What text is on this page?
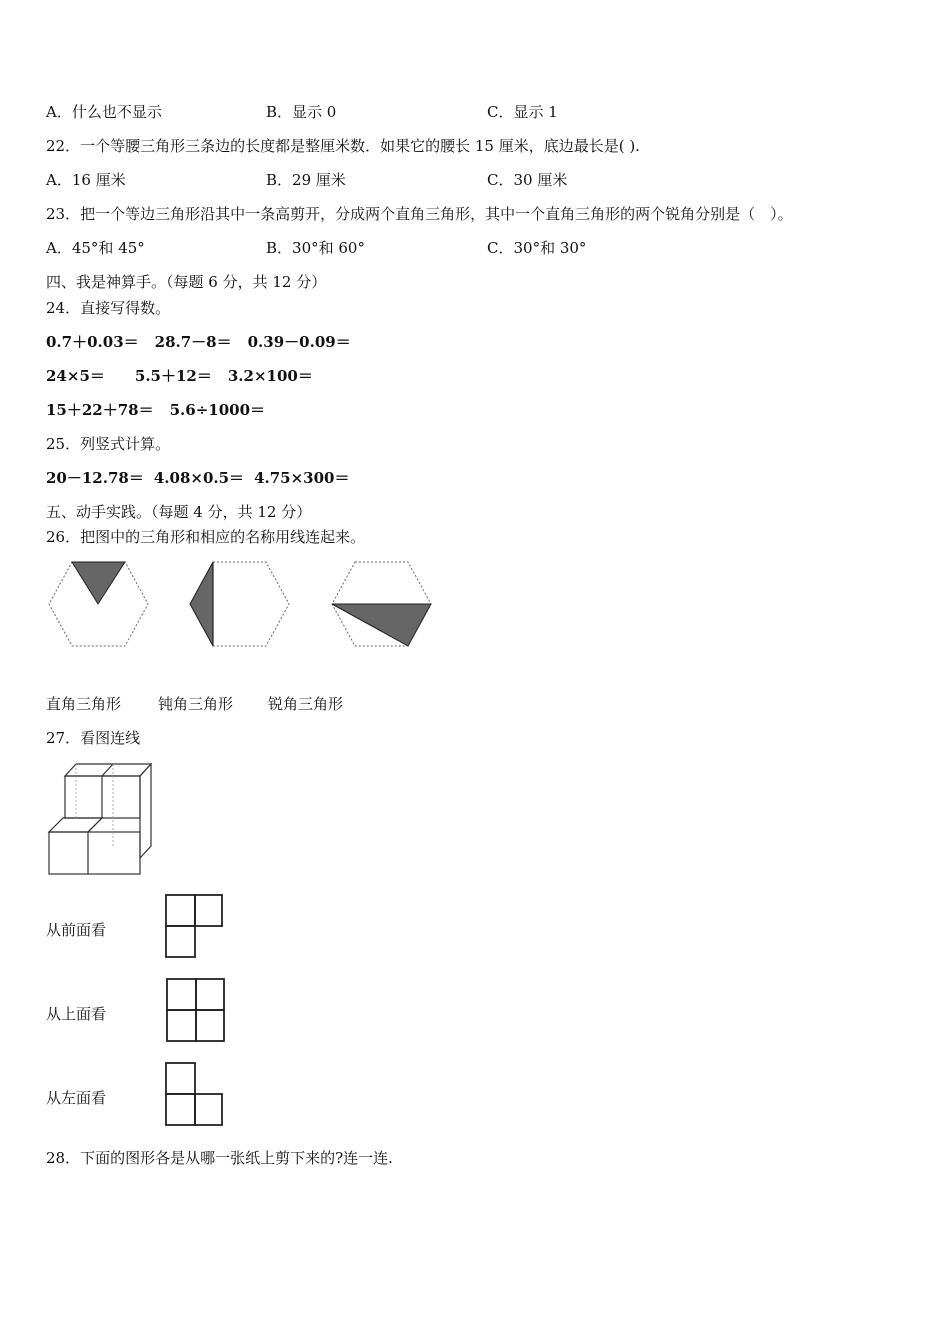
A．什么也不显示	B．显示 0	C．显示 1
22．一个等腰三角形三条边的长度都是整厘米数．如果它的腰长 15 厘米，底边最长是( ).
A．16 厘米	B．29 厘米	C．30 厘米
23．把一个等边三角形沿其中一条高剪开，分成两个直角三角形，其中一个直角三角形的两个锐角分别是（　）。
A．45°和 45°	B．30°和 60°	C．30°和 30°
四、我是神算手。（每题 6 分，共 12 分）
24．直接写得数。
0.7＋0.03＝ 28.7－8＝ 0.39－0.09＝
24×5＝ 5.5＋12＝ 3.2×100＝
15＋22＋78＝ 5.6÷1000＝
25．列竖式计算。
20－12.78＝ 4.08×0.5＝ 4.75×300＝
五、动手实践。（每题 4 分，共 12 分）
26．把图中的三角形和相应的名称用线连起来。
直角三角形 钝角三角形 锐角三角形
27．看图连线
从前面看
从上面看
从左面看
28．下面的图形各是从哪一张纸上剪下来的?连一连.
